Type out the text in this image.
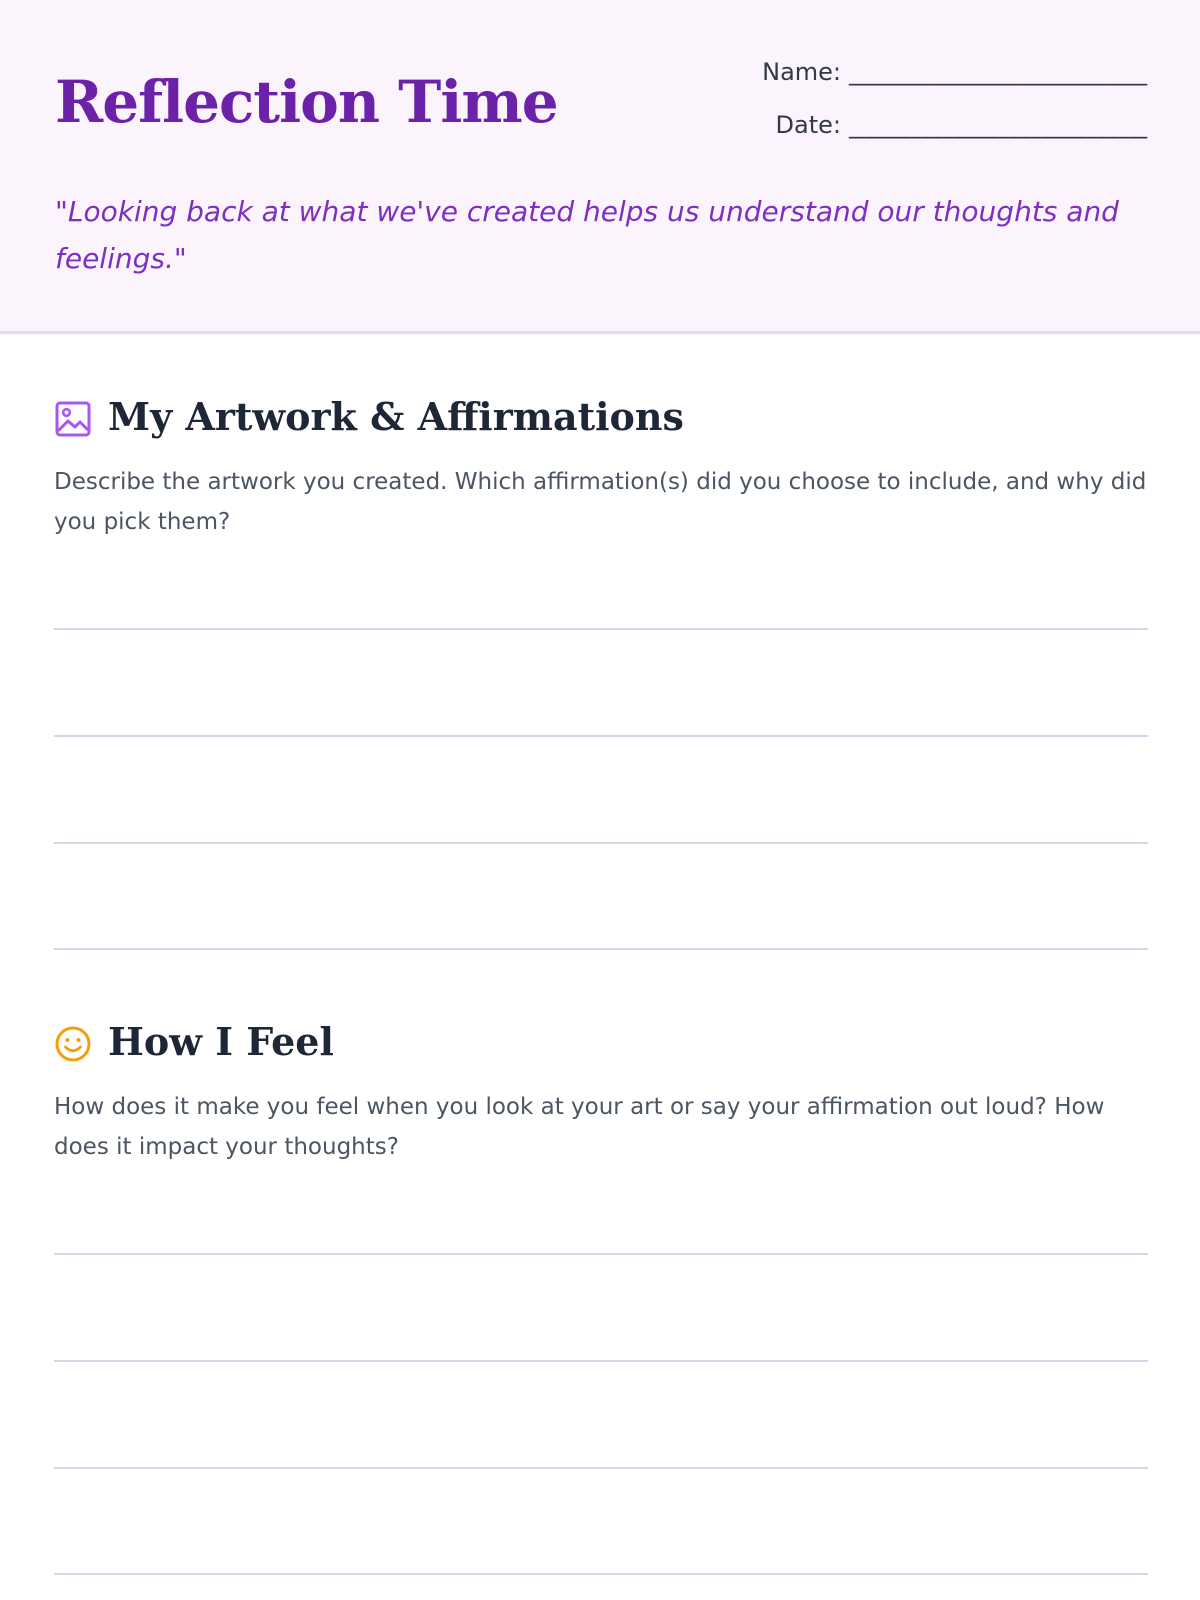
Reflection Time	Name: ___________________________
Date: ___________________________

"Looking back at what we've created helps us understand our thoughts and feelings."

My Artwork & Affirmations

Describe the artwork you created. Which affirmation(s) did you choose to include, and why did you pick them?

How I Feel

How does it make you feel when you look at your art or say your affirmation out loud? How does it impact your thoughts?
